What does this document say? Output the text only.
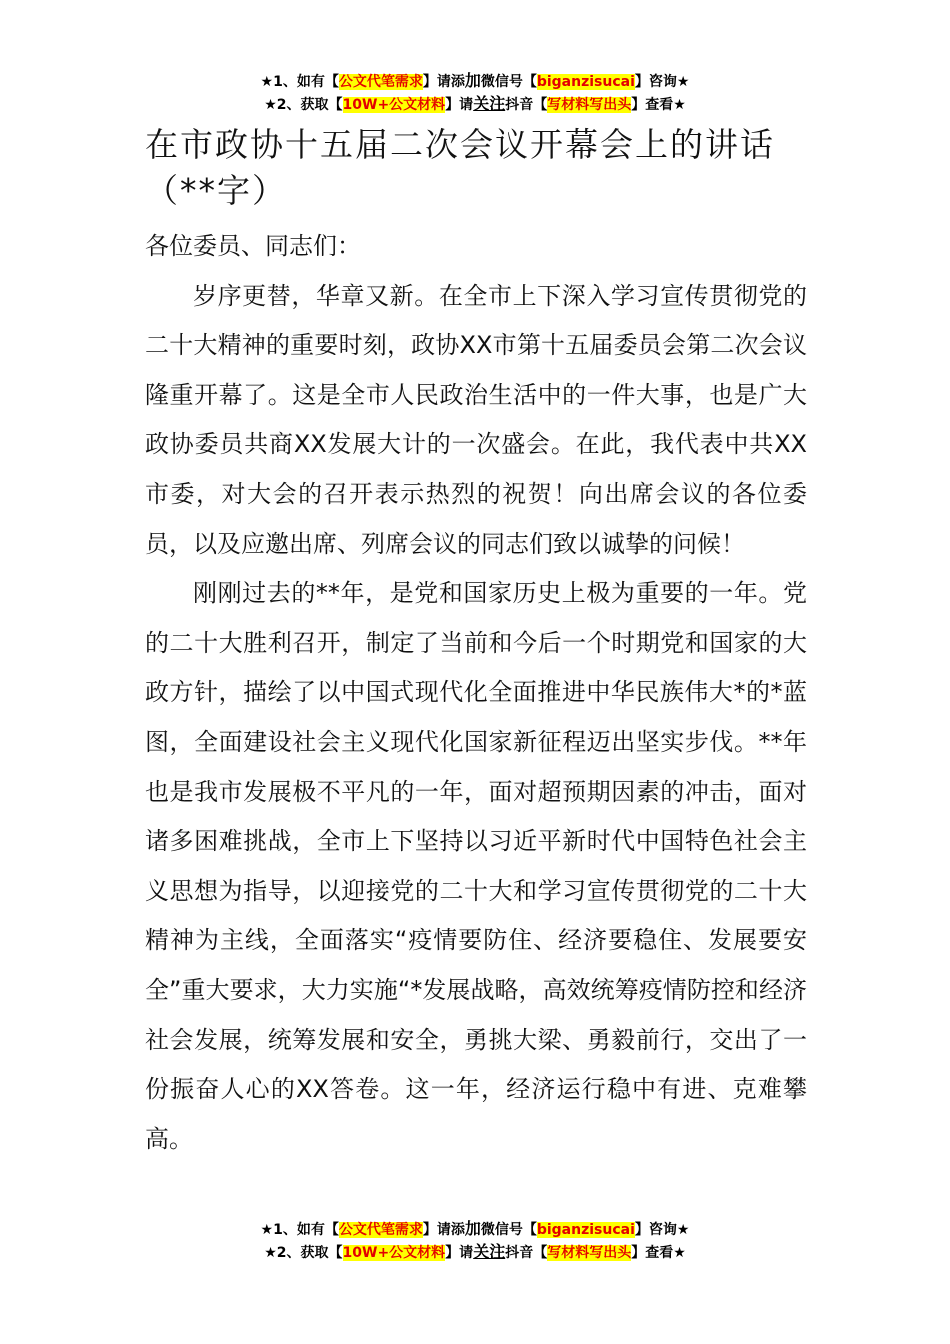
★1、如有【公文代笔需求】请添加微信号【biganzisucai】咨询★
★2、获取【10W+公文材料】请关注抖音【写材料写出头】查看★
在市政协十五届二次会议开幕会上的讲话（**字）

各位委员、同志们：

岁序更替，华章又新。在全市上下深入学习宣传贯彻党的二十大精神的重要时刻，政协XX市第十五届委员会第二次会议隆重开幕了。这是全市人民政治生活中的一件大事，也是广大政协委员共商XX发展大计的一次盛会。在此，我代表中共XX市委，对大会的召开表示热烈的祝贺！向出席会议的各位委员，以及应邀出席、列席会议的同志们致以诚挚的问候！

刚刚过去的**年，是党和国家历史上极为重要的一年。党的二十大胜利召开，制定了当前和今后一个时期党和国家的大政方针，描绘了以中国式现代化全面推进中华民族伟大*的*蓝图，全面建设社会主义现代化国家新征程迈出坚实步伐。**年也是我市发展极不平凡的一年，面对超预期因素的冲击，面对诸多困难挑战，全市上下坚持以习近平新时代中国特色社会主义思想为指导，以迎接党的二十大和学习宣传贯彻党的二十大精神为主线，全面落实“疫情要防住、经济要稳住、发展要安全”重大要求，大力实施“*发展战略，高效统筹疫情防控和经济社会发展，统筹发展和安全，勇挑大梁、勇毅前行，交出了一份振奋人心的XX答卷。这一年，经济运行稳中有进、克难攀高。

★1、如有【公文代笔需求】请添加微信号【biganzisucai】咨询★
★2、获取【10W+公文材料】请关注抖音【写材料写出头】查看★
